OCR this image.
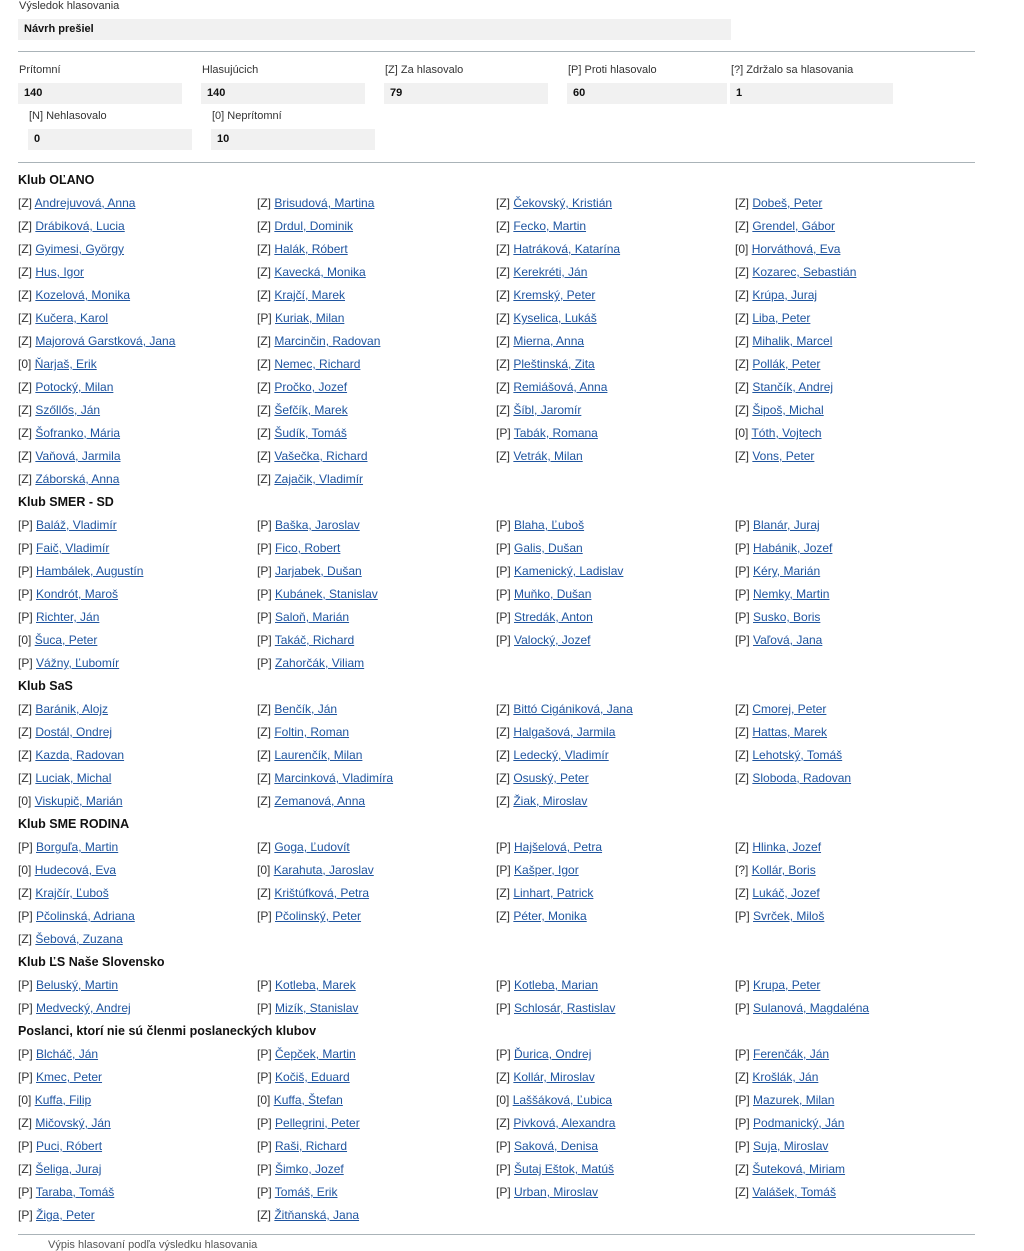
Výsledok hlasovania
Návrh prešiel
Prítomní
140
Hlasujúcich
140
[Z] Za hlasovalo
79
[P] Proti hlasovalo
60
[?] Zdržalo sa hlasovania
1
[N] Nehlasovalo
0
[0] Neprítomní
10
Klub OĽANO
[Z] Andrejuvová, Anna	[Z] Brisudová, Martina	[Z] Čekovský, Kristián	[Z] Dobeš, Peter
[Z] Drábiková, Lucia	[Z] Drdul, Dominik	[Z] Fecko, Martin	[Z] Grendel, Gábor
[Z] Gyimesi, György	[Z] Halák, Róbert	[Z] Hatráková, Katarína	[0] Horváthová, Eva
[Z] Hus, Igor	[Z] Kavecká, Monika	[Z] Kerekréti, Ján	[Z] Kozarec, Sebastián
[Z] Kozelová, Monika	[Z] Krajčí, Marek	[Z] Kremský, Peter	[Z] Krúpa, Juraj
[Z] Kučera, Karol	[P] Kuriak, Milan	[Z] Kyselica, Lukáš	[Z] Liba, Peter
[Z] Majorová Garstková, Jana	[Z] Marcinčin, Radovan	[Z] Mierna, Anna	[Z] Mihalik, Marcel
[0] Ňarjaš, Erik	[Z] Nemec, Richard	[Z] Pleštinská, Zita	[Z] Pollák, Peter
[Z] Potocký, Milan	[Z] Pročko, Jozef	[Z] Remiášová, Anna	[Z] Stančík, Andrej
[Z] Szőllős, Ján	[Z] Šefčík, Marek	[Z] Šíbl, Jaromír	[Z] Šipoš, Michal
[Z] Šofranko, Mária	[Z] Šudík, Tomáš	[P] Tabák, Romana	[0] Tóth, Vojtech
[Z] Vaňová, Jarmila	[Z] Vašečka, Richard	[Z] Vetrák, Milan	[Z] Vons, Peter
[Z] Záborská, Anna	[Z] Zajačik, Vladimír
Klub SMER - SD
[P] Baláž, Vladimír	[P] Baška, Jaroslav	[P] Blaha, Ľuboš	[P] Blanár, Juraj
[P] Faič, Vladimír	[P] Fico, Robert	[P] Galis, Dušan	[P] Habánik, Jozef
[P] Hambálek, Augustín	[P] Jarjabek, Dušan	[P] Kamenický, Ladislav	[P] Kéry, Marián
[P] Kondrót, Maroš	[P] Kubánek, Stanislav	[P] Muňko, Dušan	[P] Nemky, Martin
[P] Richter, Ján	[P] Saloň, Marián	[P] Stredák, Anton	[P] Susko, Boris
[0] Šuca, Peter	[P] Takáč, Richard	[P] Valocký, Jozef	[P] Vaľová, Jana
[P] Vážny, Ľubomír	[P] Zahorčák, Viliam
Klub SaS
[Z] Baránik, Alojz	[Z] Benčík, Ján	[Z] Bittó Cigániková, Jana	[Z] Cmorej, Peter
[Z] Dostál, Ondrej	[Z] Foltin, Roman	[Z] Halgašová, Jarmila	[Z] Hattas, Marek
[Z] Kazda, Radovan	[Z] Laurenčík, Milan	[Z] Ledecký, Vladimír	[Z] Lehotský, Tomáš
[Z] Luciak, Michal	[Z] Marcinková, Vladimíra	[Z] Osuský, Peter	[Z] Sloboda, Radovan
[0] Viskupič, Marián	[Z] Zemanová, Anna	[Z] Žiak, Miroslav
Klub SME RODINA
[P] Borguľa, Martin	[Z] Goga, Ľudovít	[P] Hajšelová, Petra	[Z] Hlinka, Jozef
[0] Hudecová, Eva	[0] Karahuta, Jaroslav	[P] Kašper, Igor	[?] Kollár, Boris
[Z] Krajčír, Ľuboš	[Z] Krištúfková, Petra	[Z] Linhart, Patrick	[Z] Lukáč, Jozef
[P] Pčolinská, Adriana	[P] Pčolinský, Peter	[Z] Péter, Monika	[P] Svrček, Miloš
[Z] Šebová, Zuzana
Klub ĽS Naše Slovensko
[P] Beluský, Martin	[P] Kotleba, Marek	[P] Kotleba, Marian	[P] Krupa, Peter
[P] Medvecký, Andrej	[P] Mizík, Stanislav	[P] Schlosár, Rastislav	[P] Sulanová, Magdaléna
Poslanci, ktorí nie sú členmi poslaneckých klubov
[P] Blcháč, Ján	[P] Čepček, Martin	[P] Ďurica, Ondrej	[P] Ferenčák, Ján
[P] Kmec, Peter	[P] Kočiš, Eduard	[Z] Kollár, Miroslav	[Z] Krošlák, Ján
[0] Kuffa, Filip	[0] Kuffa, Štefan	[0] Laššáková, Ľubica	[P] Mazurek, Milan
[Z] Mičovský, Ján	[P] Pellegrini, Peter	[Z] Pivková, Alexandra	[P] Podmanický, Ján
[P] Puci, Róbert	[P] Raši, Richard	[P] Saková, Denisa	[P] Suja, Miroslav
[Z] Šeliga, Juraj	[P] Šimko, Jozef	[P] Šutaj Eštok, Matúš	[Z] Šuteková, Miriam
[P] Taraba, Tomáš	[P] Tomáš, Erik	[P] Urban, Miroslav	[Z] Valášek, Tomáš
[P] Žiga, Peter	[Z] Žitňanská, Jana
Výpis hlasovaní podľa výsledku hlasovania
